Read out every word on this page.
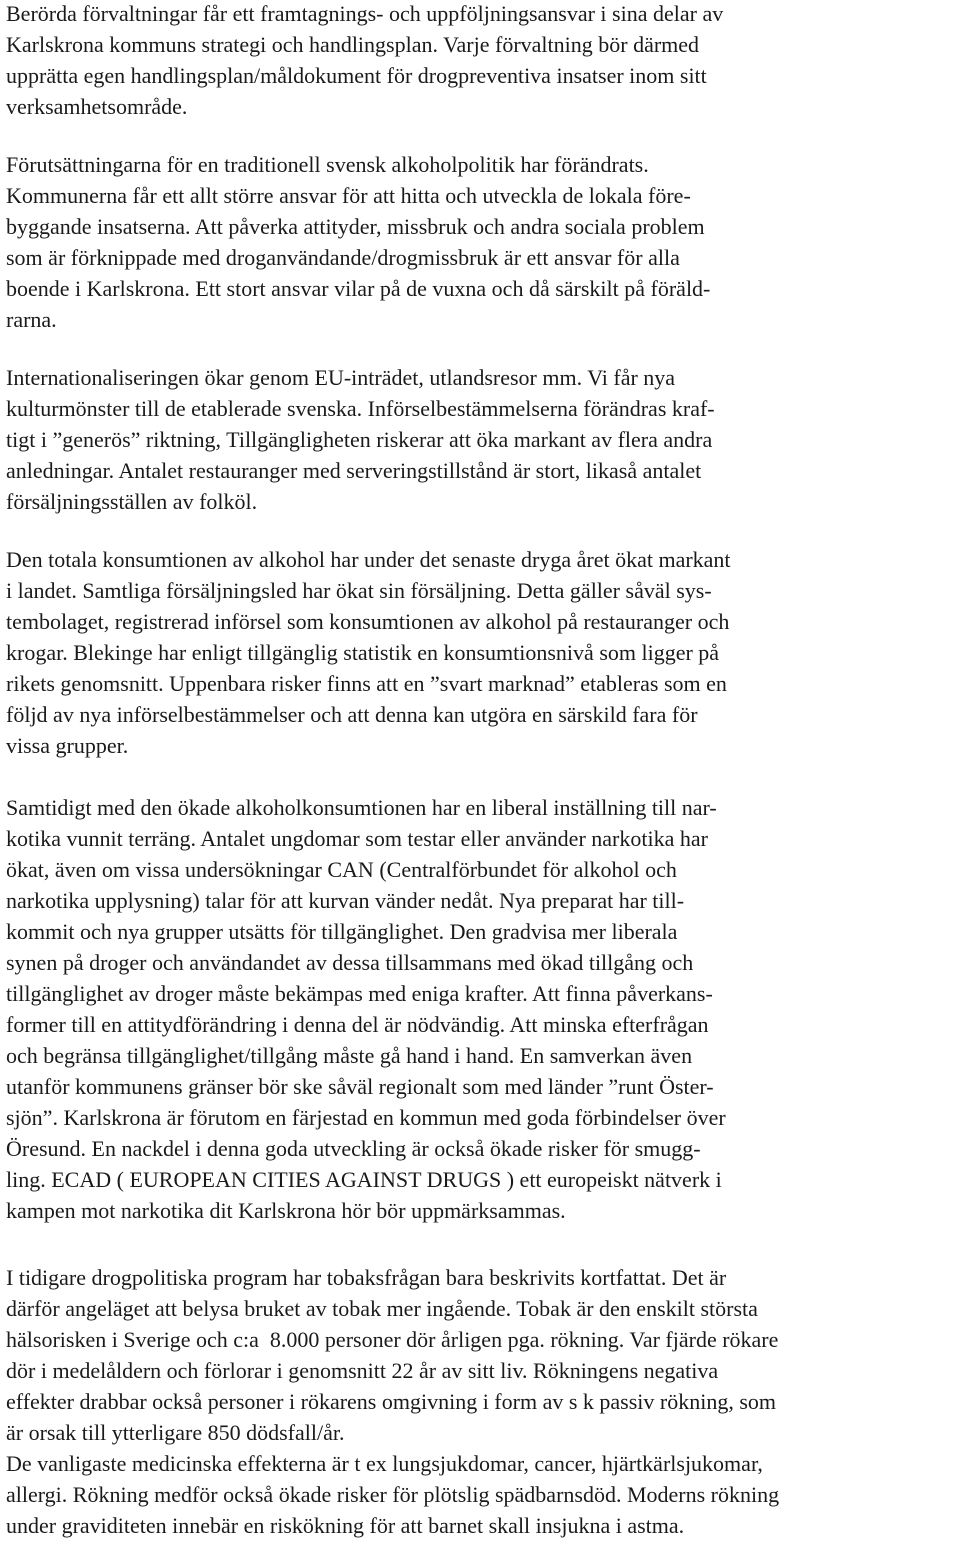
Berörda förvaltningar får ett framtagnings- och uppföljningsansvar i sina delar av
Karlskrona kommuns strategi och handlingsplan. Varje förvaltning bör därmed
upprätta egen handlingsplan/måldokument för drogpreventiva insatser inom sitt
verksamhetsområde.
Förutsättningarna för en traditionell svensk alkoholpolitik har förändrats.
Kommunerna får ett allt större ansvar för att hitta och utveckla de lokala före-
byggande insatserna. Att påverka attityder, missbruk och andra sociala problem
som är förknippade med droganvändande/drogmissbruk är ett ansvar för alla
boende i Karlskrona. Ett stort ansvar vilar på de vuxna och då särskilt på föräld-
rarna.
Internationaliseringen ökar genom EU-inträdet, utlandsresor mm. Vi får nya
kulturmönster till de etablerade svenska. Införselbestämmelserna förändras kraf-
tigt i ”generös” riktning, Tillgängligheten riskerar att öka markant av flera andra
anledningar. Antalet restauranger med serveringstillstånd är stort, likaså antalet
försäljningsställen av folköl.
Den totala konsumtionen av alkohol har under det senaste dryga året ökat markant
i landet. Samtliga försäljningsled har ökat sin försäljning. Detta gäller såväl sys-
tembolaget, registrerad införsel som konsumtionen av alkohol på restauranger och
krogar. Blekinge har enligt tillgänglig statistik en konsumtionsnivå som ligger på
rikets genomsnitt. Uppenbara risker finns att en ”svart marknad” etableras som en
följd av nya införselbestämmelser och att denna kan utgöra en särskild fara för
vissa grupper.
Samtidigt med den ökade alkoholkonsumtionen har en liberal inställning till nar-
kotika vunnit terräng. Antalet ungdomar som testar eller använder narkotika har
ökat, även om vissa undersökningar CAN (Centralförbundet för alkohol och
narkotika upplysning) talar för att kurvan vänder nedåt. Nya preparat har till-
kommit och nya grupper utsätts för tillgänglighet. Den gradvisa mer liberala
synen på droger och användandet av dessa tillsammans med ökad tillgång och
tillgänglighet av droger måste bekämpas med eniga krafter. Att finna påverkans-
former till en attitydförändring i denna del är nödvändig. Att minska efterfrågan
och begränsa tillgänglighet/tillgång måste gå hand i hand. En samverkan även
utanför kommunens gränser bör ske såväl regionalt som med länder ”runt Öster-
sjön”. Karlskrona är förutom en färjestad en kommun med goda förbindelser över
Öresund. En nackdel i denna goda utveckling är också ökade risker för smugg-
ling. ECAD ( EUROPEAN CITIES AGAINST DRUGS ) ett europeiskt nätverk i
kampen mot narkotika dit Karlskrona hör bör uppmärksammas.
I tidigare drogpolitiska program har tobaksfrågan bara beskrivits kortfattat. Det är
därför angeläget att belysa bruket av tobak mer ingående. Tobak är den enskilt största
hälsorisken i Sverige och c:a  8.000 personer dör årligen pga. rökning. Var fjärde rökare
dör i medelåldern och förlorar i genomsnitt 22 år av sitt liv. Rökningens negativa
effekter drabbar också personer i rökarens omgivning i form av s k passiv rökning, som
är orsak till ytterligare 850 dödsfall/år.
De vanligaste medicinska effekterna är t ex lungsjukdomar, cancer, hjärtkärlsjukomar,
allergi. Rökning medför också ökade risker för plötslig spädbarnsdöd. Moderns rökning
under graviditeten innebär en riskökning för att barnet skall insjukna i astma.
